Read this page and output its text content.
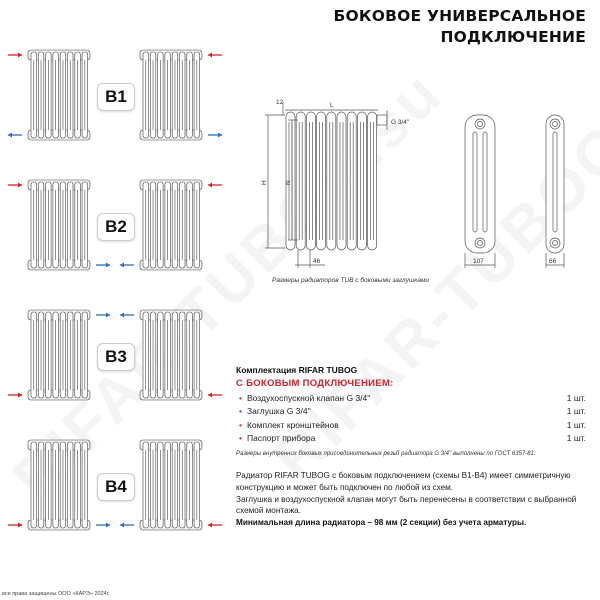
БОКОВОЕ УНИВЕРСАЛЬНОЕ
ПОДКЛЮЧЕНИЕ
B1
B2
B3
B4
12	L
G 3/4''
H	N
46	107	66
Размеры радиаторов TUB с боковыми заглушками
Комплектация RIFAR TUBOG
С БОКОВЫМ ПОДКЛЮЧЕНИЕМ:
• Воздухоспускной клапан G 3/4''	1 шт.
• Заглушка G 3/4''	1 шт.
• Комплект кронштейнов	1 шт.
• Паспорт прибора	1 шт.
Размеры внутренних боковых присоединительных резьб радиатора G 3/4'' выполнены по ГОСТ 6357-81.
Радиатор RIFAR TUBOG с боковым подключением (схемы B1-B4) имеет симметричную конструкцию и может быть подключен по любой из схем.
Заглушка и воздухоспускной клапан могут быть перенесены в соответствии с выбранной схемой монтажа.
Минимальная длина радиатора – 98 мм (2 секции) без учета арматуры.
все права защищены ООО «КАРЭ» 2024г.
